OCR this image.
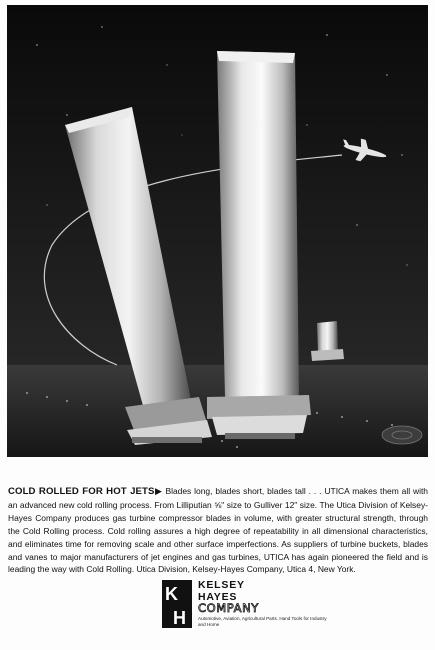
COLD ROLLED FOR HOT JETS▶ Blades long, blades short, blades tall . . . UTICA makes them all with an advanced new cold rolling process. From Lilliputian ⅝" size to Gulliver 12" size. The Utica Division of Kelsey-Hayes Company produces gas turbine compressor blades in volume, with greater structural strength, through the Cold Rolling process. Cold rolling assures a high degree of repeatability in all dimensional characteristics, and eliminates time for removing scale and other surface imperfections. As suppliers of turbine buckets, blades and vanes to major manufacturers of jet engines and gas turbines, UTICA has again pioneered the field and is leading the way with Cold Rolling. Utica Division, Kelsey-Hayes Company, Utica 4, New York.
K
H
KELSEY
HAYES
COMPANY
Automotive, Aviation, Agricultural Parts. Hand Tools for Industry and Home
